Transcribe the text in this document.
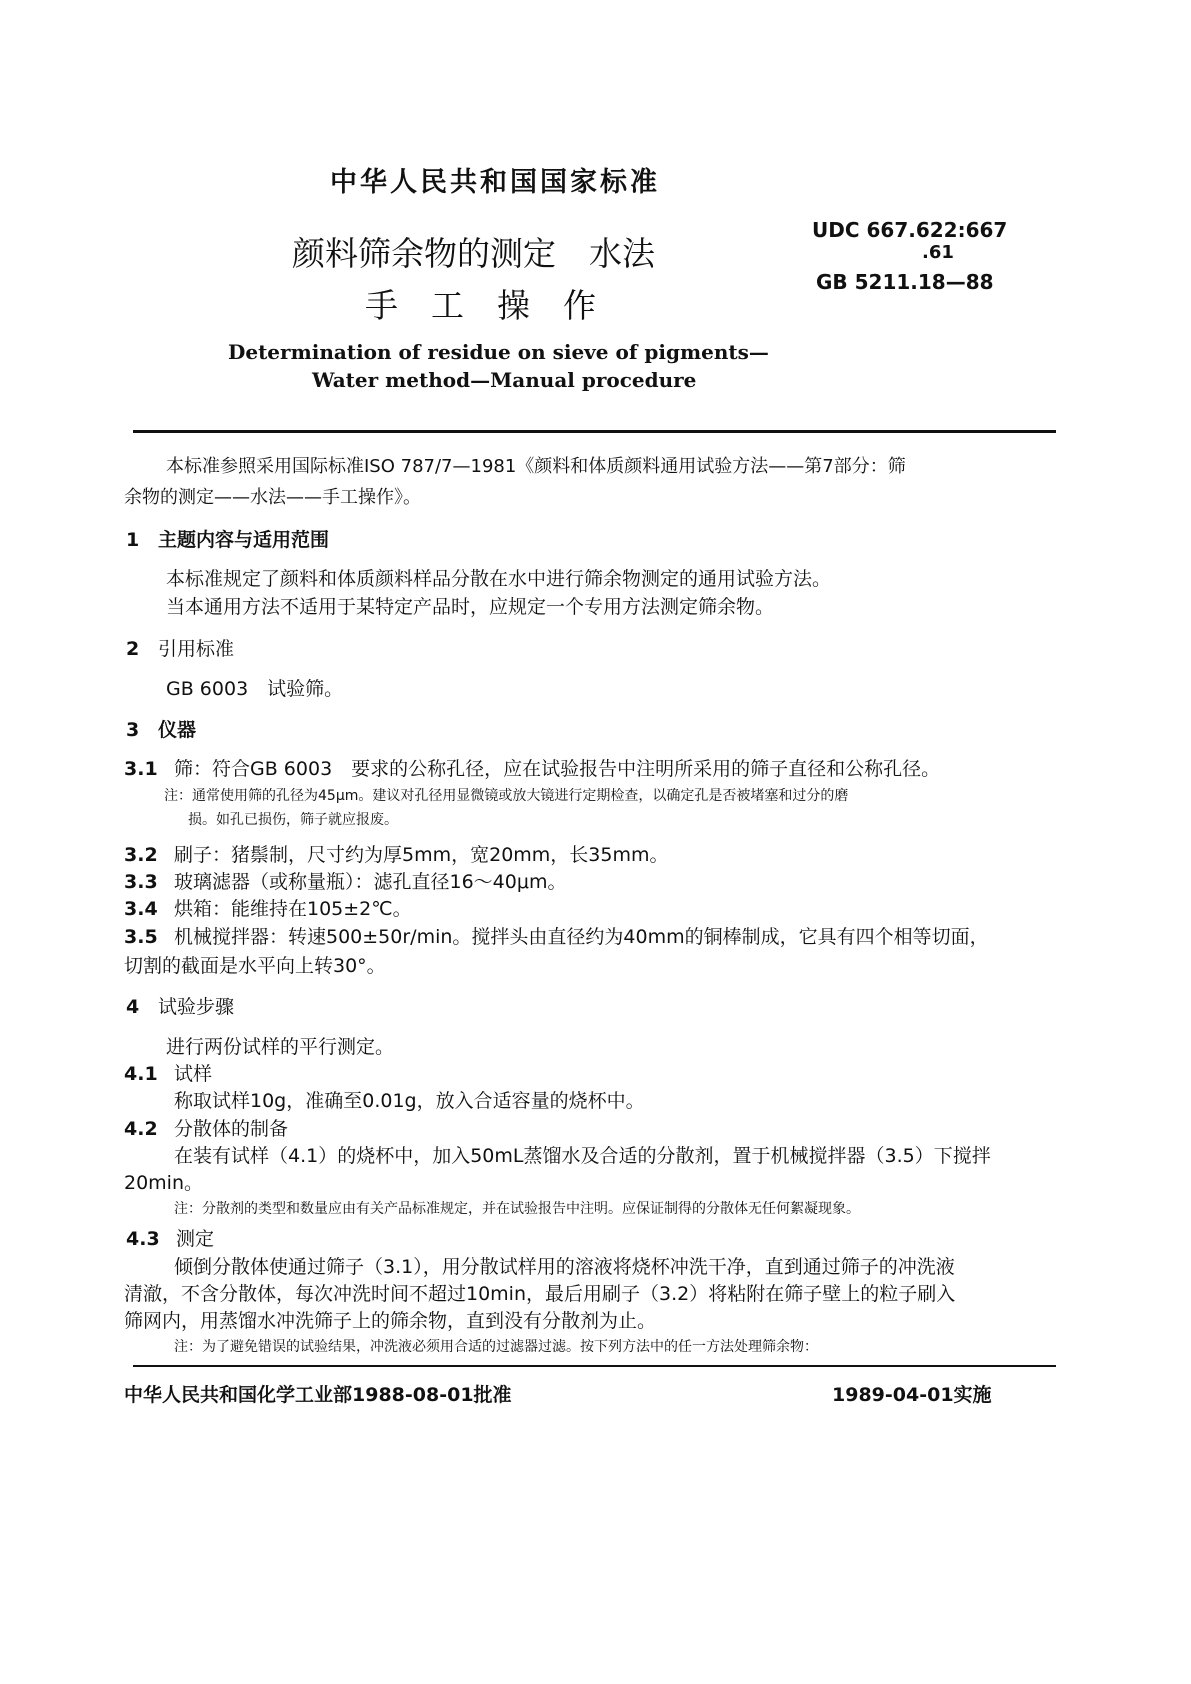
中华人民共和国国家标准
颜料筛余物的测定　水法
手　工　操　作
UDC 667.622:667
.61
GB 5211.18—88
Determination of residue on sieve of pigments—
Water method—Manual procedure
本标准参照采用国际标准ISO 787/7—1981《颜料和体质颜料通用试验方法——第7部分：筛
余物的测定——水法——手工操作》。
1 主题内容与适用范围
本标准规定了颜料和体质颜料样品分散在水中进行筛余物测定的通用试验方法。
当本通用方法不适用于某特定产品时，应规定一个专用方法测定筛余物。
2 引用标准
GB 6003　试验筛。
3 仪器
3.1 筛：符合GB 6003　要求的公称孔径，应在试验报告中注明所采用的筛子直径和公称孔径。
注：通常使用筛的孔径为45μm。建议对孔径用显微镜或放大镜进行定期检查，以确定孔是否被堵塞和过分的磨
损。如孔已损伤，筛子就应报废。
3.2 刷子：猪鬃制，尺寸约为厚5mm，宽20mm，长35mm。
3.3 玻璃滤器（或称量瓶）：滤孔直径16～40μm。
3.4 烘箱：能维持在105±2℃。
3.5 机械搅拌器：转速500±50r/min。搅拌头由直径约为40mm的铜棒制成，它具有四个相等切面，
切割的截面是水平向上转30°。
4 试验步骤
进行两份试样的平行测定。
4.1 试样
称取试样10g，准确至0.01g，放入合适容量的烧杯中。
4.2 分散体的制备
在装有试样（4.1）的烧杯中，加入50mL蒸馏水及合适的分散剂，置于机械搅拌器（3.5）下搅拌
20min。
注：分散剂的类型和数量应由有关产品标准规定，并在试验报告中注明。应保证制得的分散体无任何絮凝现象。
4.3 测定
倾倒分散体使通过筛子（3.1），用分散试样用的溶液将烧杯冲洗干净，直到通过筛子的冲洗液
清澈，不含分散体，每次冲洗时间不超过10min，最后用刷子（3.2）将粘附在筛子壁上的粒子刷入
筛网内，用蒸馏水冲洗筛子上的筛余物，直到没有分散剂为止。
注：为了避免错误的试验结果，冲洗液必须用合适的过滤器过滤。按下列方法中的任一方法处理筛余物：
中华人民共和国化学工业部1988-08-01批准	1989-04-01实施
